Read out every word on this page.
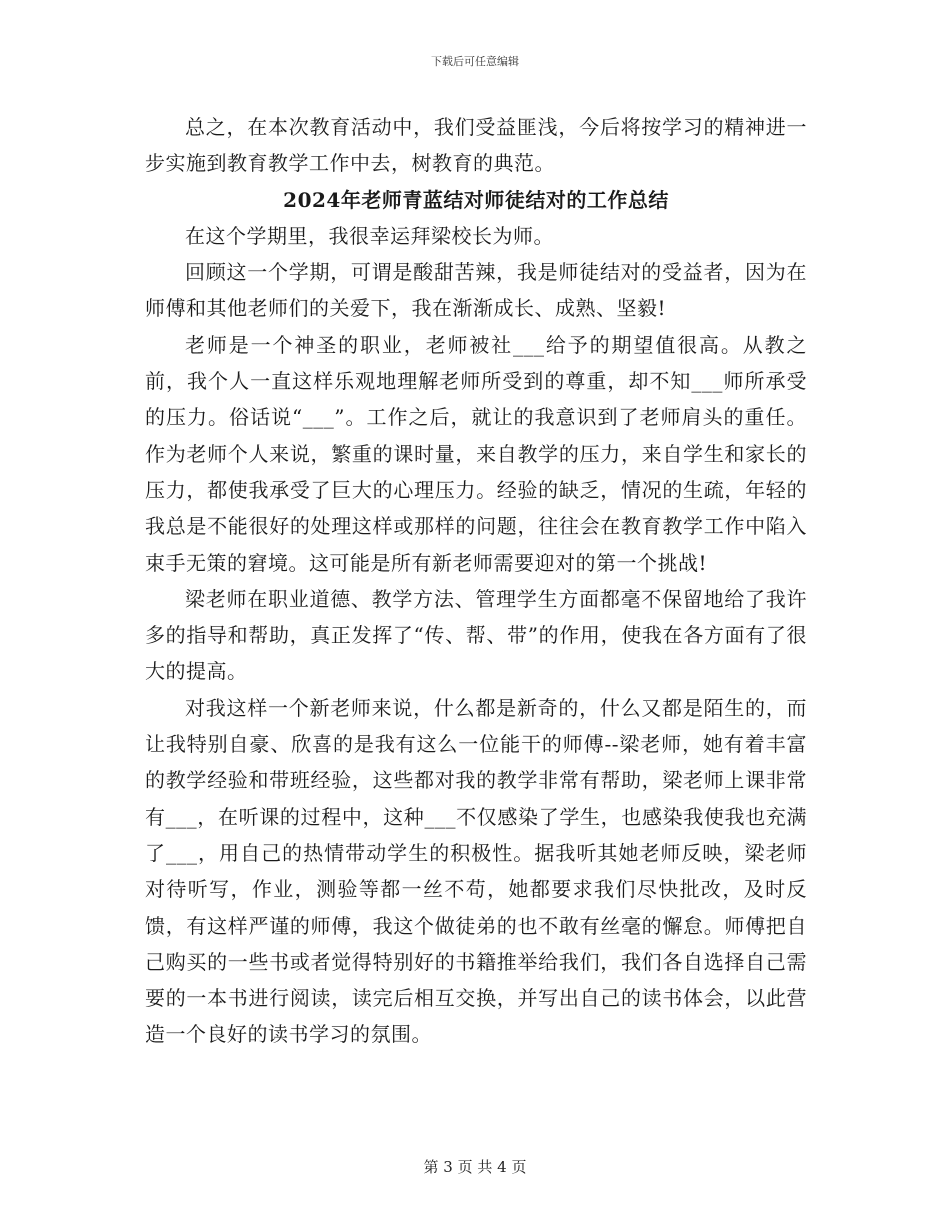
下载后可任意编辑

总之，在本次教育活动中，我们受益匪浅，今后将按学习的精神进一步实施到教育教学工作中去，树教育的典范。

2024年老师青蓝结对师徒结对的工作总结

在这个学期里，我很幸运拜梁校长为师。

回顾这一个学期，可谓是酸甜苦辣，我是师徒结对的受益者，因为在师傅和其他老师们的关爱下，我在渐渐成长、成熟、坚毅!

老师是一个神圣的职业，老师被社___给予的期望值很高。从教之前，我个人一直这样乐观地理解老师所受到的尊重，却不知___师所承受的压力。俗话说“___”。工作之后，就让的我意识到了老师肩头的重任。作为老师个人来说，繁重的课时量，来自教学的压力，来自学生和家长的压力，都使我承受了巨大的心理压力。经验的缺乏，情况的生疏，年轻的我总是不能很好的处理这样或那样的问题，往往会在教育教学工作中陷入束手无策的窘境。这可能是所有新老师需要迎对的第一个挑战!

梁老师在职业道德、教学方法、管理学生方面都毫不保留地给了我许多的指导和帮助，真正发挥了“传、帮、带”的作用，使我在各方面有了很大的提高。

对我这样一个新老师来说，什么都是新奇的，什么又都是陌生的，而让我特别自豪、欣喜的是我有这么一位能干的师傅--梁老师，她有着丰富的教学经验和带班经验，这些都对我的教学非常有帮助，梁老师上课非常有___，在听课的过程中，这种___不仅感染了学生，也感染我使我也充满了___，用自己的热情带动学生的积极性。据我听其她老师反映，梁老师对待听写，作业，测验等都一丝不苟，她都要求我们尽快批改，及时反馈，有这样严谨的师傅，我这个做徒弟的也不敢有丝毫的懈怠。师傅把自己购买的一些书或者觉得特别好的书籍推举给我们，我们各自选择自己需要的一本书进行阅读，读完后相互交换，并写出自己的读书体会，以此营造一个良好的读书学习的氛围。

第 3 页 共 4 页
